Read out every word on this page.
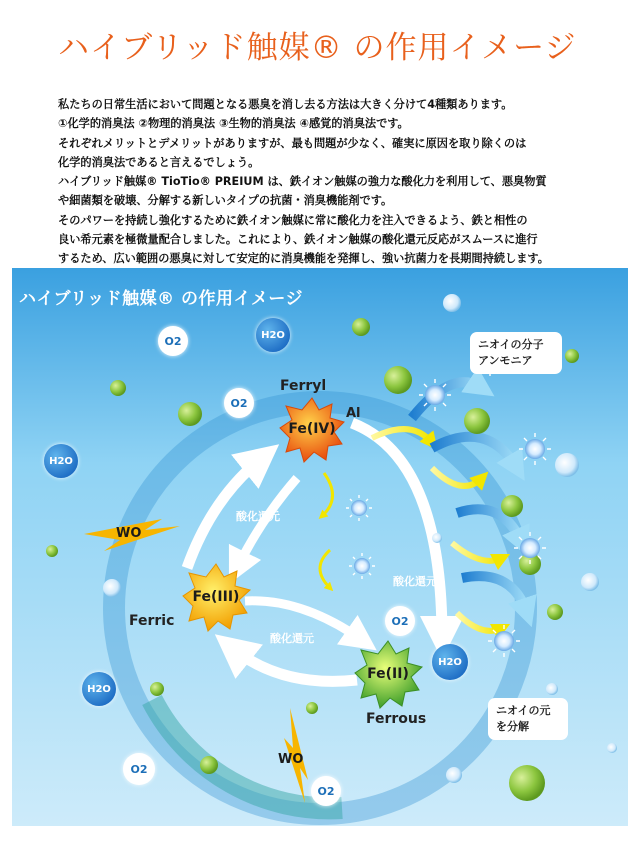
ハイブリッド触媒® の作用イメージ

私たちの日常生活において問題となる悪臭を消し去る方法は大きく分けて4種類あります。

①化学的消臭法 ②物理的消臭法 ③生物的消臭法 ④感覚的消臭法です。

それぞれメリットとデメリットがありますが、最も問題が少なく、確実に原因を取り除くのは

化学的消臭法であると言えるでしょう。

ハイブリッド触媒® TioTio® PREIUM は、鉄イオン触媒の強力な酸化力を利用して、悪臭物質

や細菌類を破壊、分解する新しいタイプの抗菌・消臭機能剤です。

そのパワーを持続し強化するために鉄イオン触媒に常に酸化力を注入できるよう、鉄と相性の

良い希元素を極微量配合しました。これにより、鉄イオン触媒の酸化還元反応がスムースに進行

するため、広い範囲の悪臭に対して安定的に消臭機能を発揮し、強い抗菌力を長期間持続します。

ハイブリッド触媒® の作用イメージ
Fe(IV)
Fe(III)
Fe(II)
Ferryl
Ferric
Ferrous
Al
酸化還元
酸化還元
酸化還元
WO
WO
O2
O2
O2
O2
O2
H2O
H2O
H2O
H2O
ニオイの分子
アンモニア
ニオイの元
を分解
